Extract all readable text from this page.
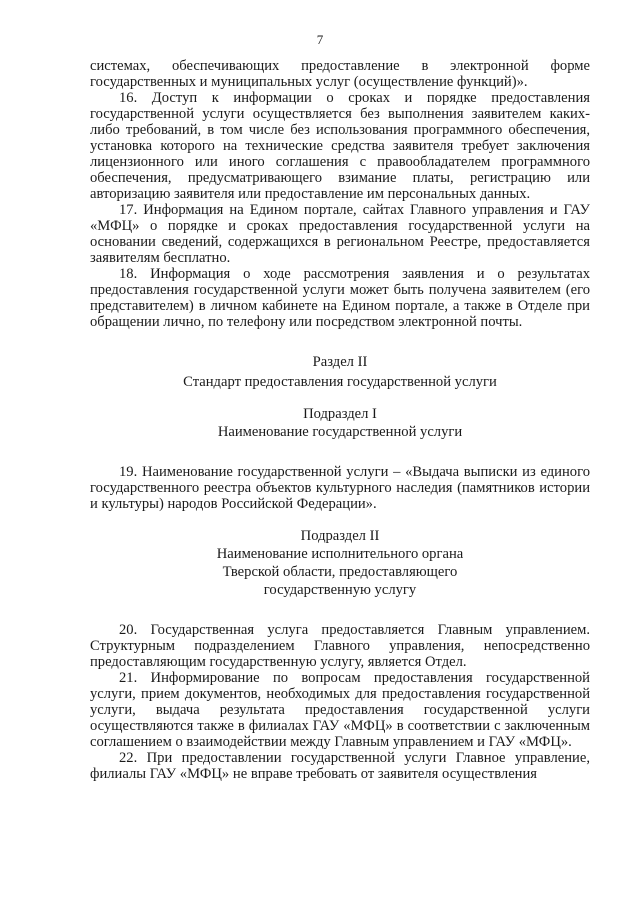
7

системах, обеспечивающих предоставление в электронной форме государственных и муниципальных услуг (осуществление функций)».

16. Доступ к информации о сроках и порядке предоставления государственной услуги осуществляется без выполнения заявителем каких-либо требований, в том числе без использования программного обеспечения, установка которого на технические средства заявителя требует заключения лицензионного или иного соглашения с правообладателем программного обеспечения, предусматривающего взимание платы, регистрацию или авторизацию заявителя или предоставление им персональных данных.

17. Информация на Едином портале, сайтах Главного управления и ГАУ «МФЦ» о порядке и сроках предоставления государственной услуги на основании сведений, содержащихся в региональном Реестре, предоставляется заявителям бесплатно.

18. Информация о ходе рассмотрения заявления и о результатах предоставления государственной услуги может быть получена заявителем (его представителем) в личном кабинете на Едином портале, а также в Отделе при обращении лично, по телефону или посредством электронной почты.

Раздел II

Стандарт предоставления государственной услуги

Подраздел I

Наименование государственной услуги

19. Наименование государственной услуги – «Выдача выписки из единого государственного реестра объектов культурного наследия (памятников истории и культуры) народов Российской Федерации».

Подраздел II

Наименование исполнительного органа

Тверской области, предоставляющего

государственную услугу

20. Государственная услуга предоставляется Главным управлением. Структурным подразделением Главного управления, непосредственно предоставляющим государственную услугу, является Отдел.

21. Информирование по вопросам предоставления государственной услуги, прием документов, необходимых для предоставления государственной услуги, выдача результата предоставления государственной услуги осуществляются также в филиалах ГАУ «МФЦ» в соответствии с заключенным соглашением о взаимодействии между Главным управлением и ГАУ «МФЦ».

22. При предоставлении государственной услуги Главное управление, филиалы ГАУ «МФЦ» не вправе требовать от заявителя осуществления
